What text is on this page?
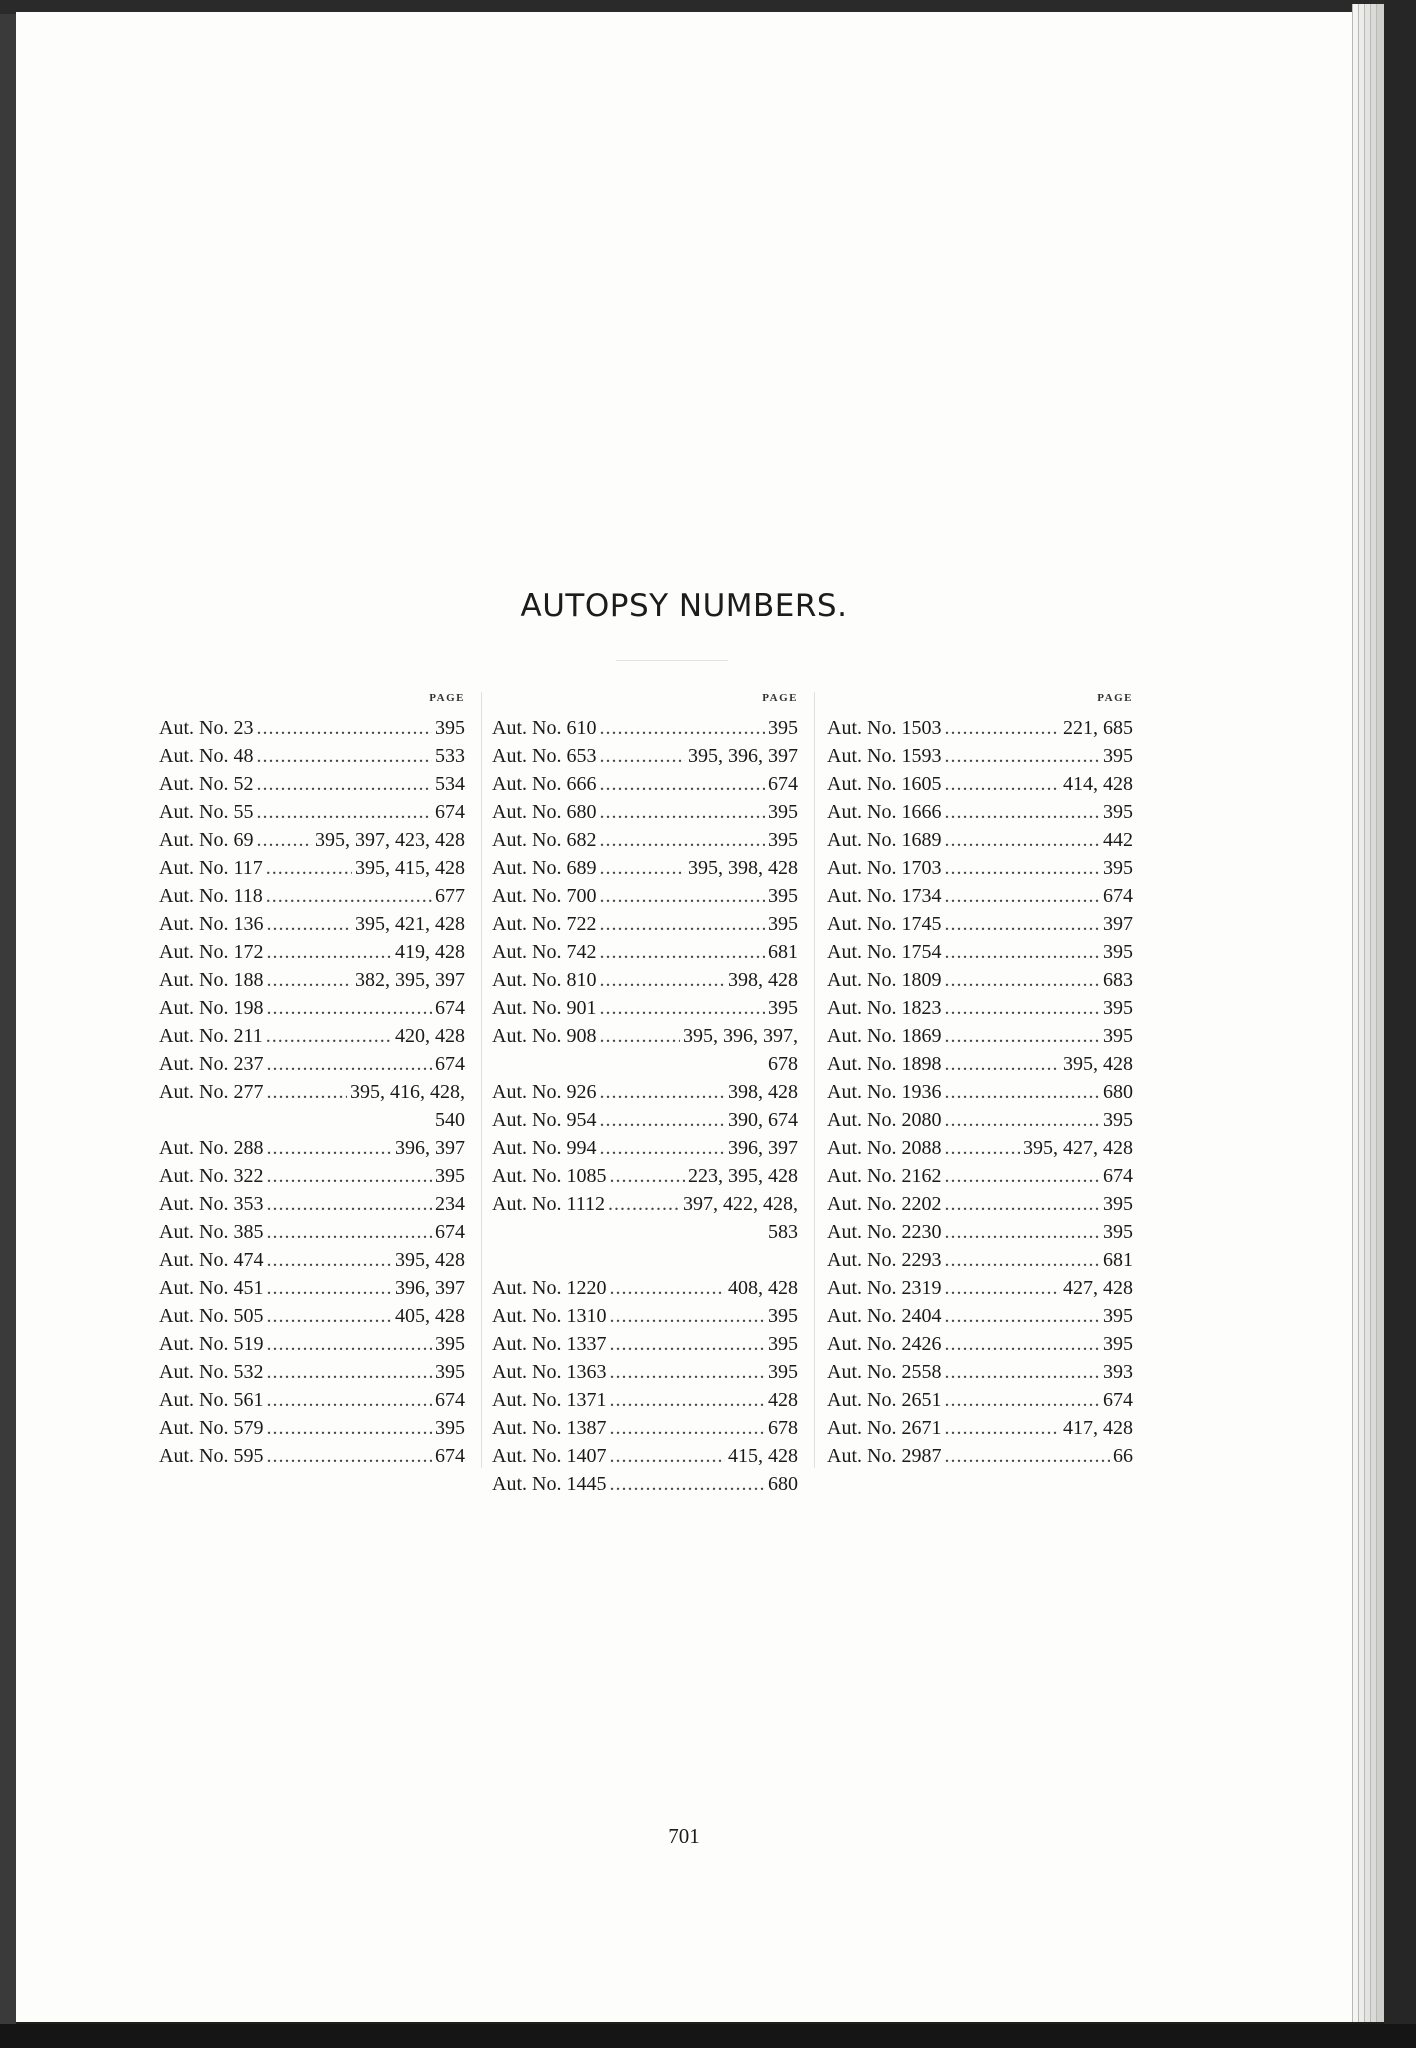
AUTOPSY NUMBERS.
PAGE
Aut. No. 23 .....	395
Aut. No. 48 .....	533
Aut. No. 52 .....	534
Aut. No. 55 .....	674
Aut. No. 69 .....	395, 397, 423, 428
Aut. No. 117 .....	395, 415, 428
Aut. No. 118 .....	677
Aut. No. 136 .....	395, 421, 428
Aut. No. 172 .....	419, 428
Aut. No. 188 .....	382, 395, 397
Aut. No. 198 .....	674
Aut. No. 211 .....	420, 428
Aut. No. 237 .....	674
Aut. No. 277 .....	395, 416, 428,
540
Aut. No. 288 .....	396, 397
Aut. No. 322 .....	395
Aut. No. 353 .....	234
Aut. No. 385 .....	674
Aut. No. 474 .....	395, 428
Aut. No. 451 .....	396, 397
Aut. No. 505 .....	405, 428
Aut. No. 519 .....	395
Aut. No. 532 .....	395
Aut. No. 561 .....	674
Aut. No. 579 .....	395
Aut. No. 595 .....	674
PAGE
Aut. No. 610 .....	395
Aut. No. 653 .....	395, 396, 397
Aut. No. 666 .....	674
Aut. No. 680 .....	395
Aut. No. 682 .....	395
Aut. No. 689 .....	395, 398, 428
Aut. No. 700 .....	395
Aut. No. 722 .....	395
Aut. No. 742 .....	681
Aut. No. 810 .....	398, 428
Aut. No. 901 .....	395
Aut. No. 908 .....	395, 396, 397,
678
Aut. No. 926 .....	398, 428
Aut. No. 954 .....	390, 674
Aut. No. 994 .....	396, 397
Aut. No. 1085 .....	223, 395, 428
Aut. No. 1112 .....	397, 422, 428,
583
Aut. No. 1220 .....	408, 428
Aut. No. 1310 .....	395
Aut. No. 1337 .....	395
Aut. No. 1363 .....	395
Aut. No. 1371 .....	428
Aut. No. 1387 .....	678
Aut. No. 1407 .....	415, 428
Aut. No. 1445 .....	680
PAGE
Aut. No. 1503 .....	221, 685
Aut. No. 1593 .....	395
Aut. No. 1605 .....	414, 428
Aut. No. 1666 .....	395
Aut. No. 1689 .....	442
Aut. No. 1703 .....	395
Aut. No. 1734 .....	674
Aut. No. 1745 .....	397
Aut. No. 1754 .....	395
Aut. No. 1809 .....	683
Aut. No. 1823 .....	395
Aut. No. 1869 .....	395
Aut. No. 1898 .....	395, 428
Aut. No. 1936 .....	680
Aut. No. 2080 .....	395
Aut. No. 2088 .....	395, 427, 428
Aut. No. 2162 .....	674
Aut. No. 2202 .....	395
Aut. No. 2230 .....	395
Aut. No. 2293 .....	681
Aut. No. 2319 .....	427, 428
Aut. No. 2404 .....	395
Aut. No. 2426 .....	395
Aut. No. 2558 .....	393
Aut. No. 2651 .....	674
Aut. No. 2671 .....	417, 428
Aut. No. 2987 .....	66
701
